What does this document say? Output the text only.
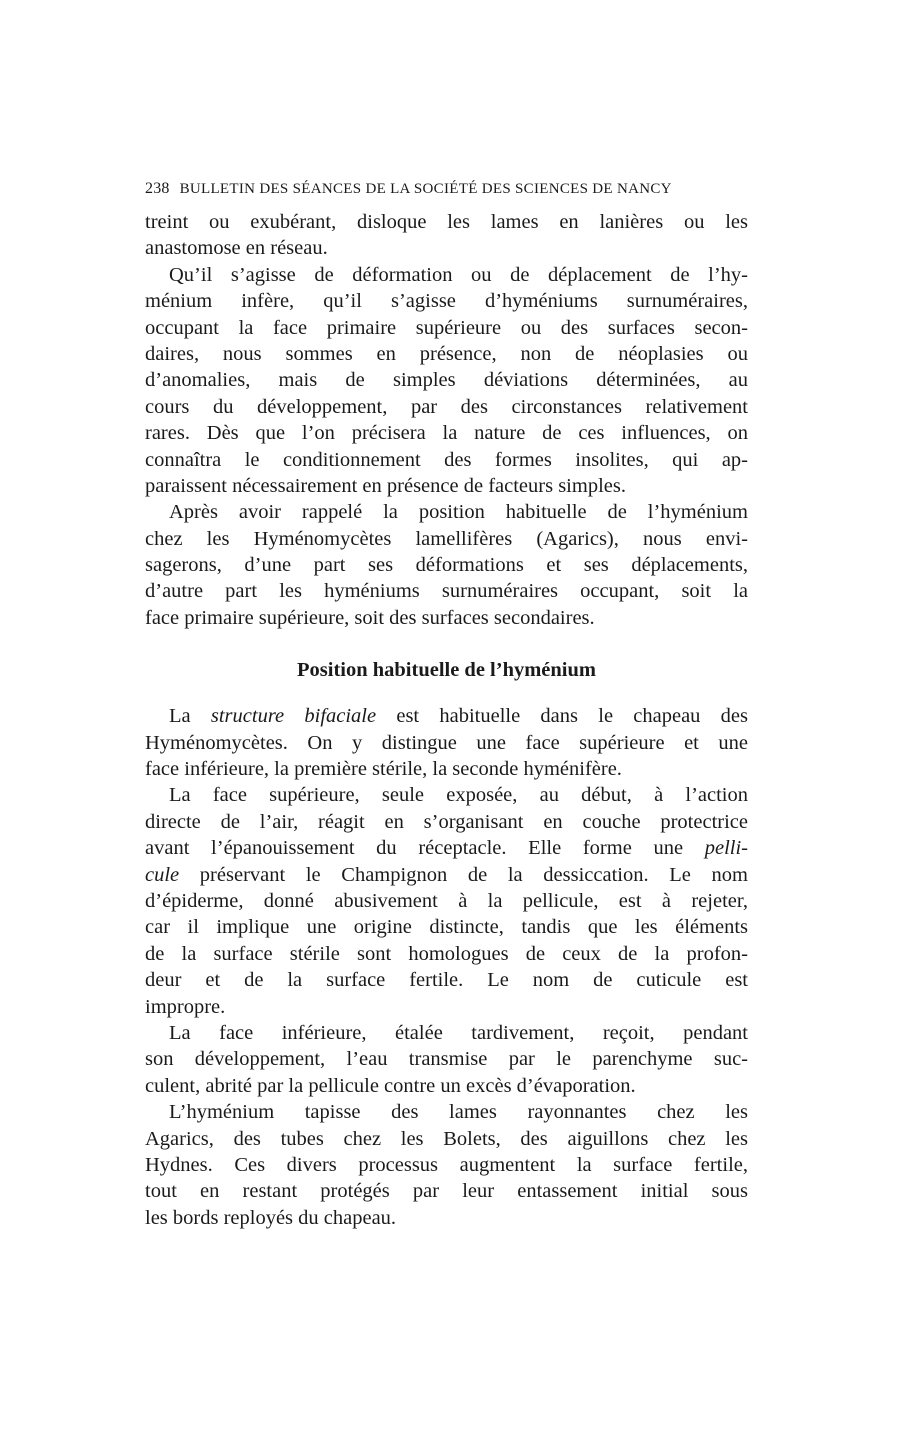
238 BULLETIN DES SÉANCES DE LA SOCIÉTÉ DES SCIENCES DE NANCY
treint ou exubérant, disloque les lames en lanières ou les
anastomose en réseau.
Qu’il s’agisse de déformation ou de déplacement de l’hy-
ménium infère, qu’il s’agisse d’hyméniums surnuméraires,
occupant la face primaire supérieure ou des surfaces secon-
daires, nous sommes en présence, non de néoplasies ou
d’anomalies, mais de simples déviations déterminées, au
cours du développement, par des circonstances relativement
rares. Dès que l’on précisera la nature de ces influences, on
connaîtra le conditionnement des formes insolites, qui ap-
paraissent nécessairement en présence de facteurs simples.
Après avoir rappelé la position habituelle de l’hyménium
chez les Hyménomycètes lamellifères (Agarics), nous envi-
sagerons, d’une part ses déformations et ses déplacements,
d’autre part les hyméniums surnuméraires occupant, soit la
face primaire supérieure, soit des surfaces secondaires.
Position habituelle de l’hyménium
La structure bifaciale est habituelle dans le chapeau des
Hyménomycètes. On y distingue une face supérieure et une
face inférieure, la première stérile, la seconde hyménifère.
La face supérieure, seule exposée, au début, à l’action
directe de l’air, réagit en s’organisant en couche protectrice
avant l’épanouissement du réceptacle. Elle forme une pelli-
cule préservant le Champignon de la dessiccation. Le nom
d’épiderme, donné abusivement à la pellicule, est à rejeter,
car il implique une origine distincte, tandis que les éléments
de la surface stérile sont homologues de ceux de la profon-
deur et de la surface fertile. Le nom de cuticule est
impropre.
La face inférieure, étalée tardivement, reçoit, pendant
son développement, l’eau transmise par le parenchyme suc-
culent, abrité par la pellicule contre un excès d’évaporation.
L’hyménium tapisse des lames rayonnantes chez les
Agarics, des tubes chez les Bolets, des aiguillons chez les
Hydnes. Ces divers processus augmentent la surface fertile,
tout en restant protégés par leur entassement initial sous
les bords reployés du chapeau.
